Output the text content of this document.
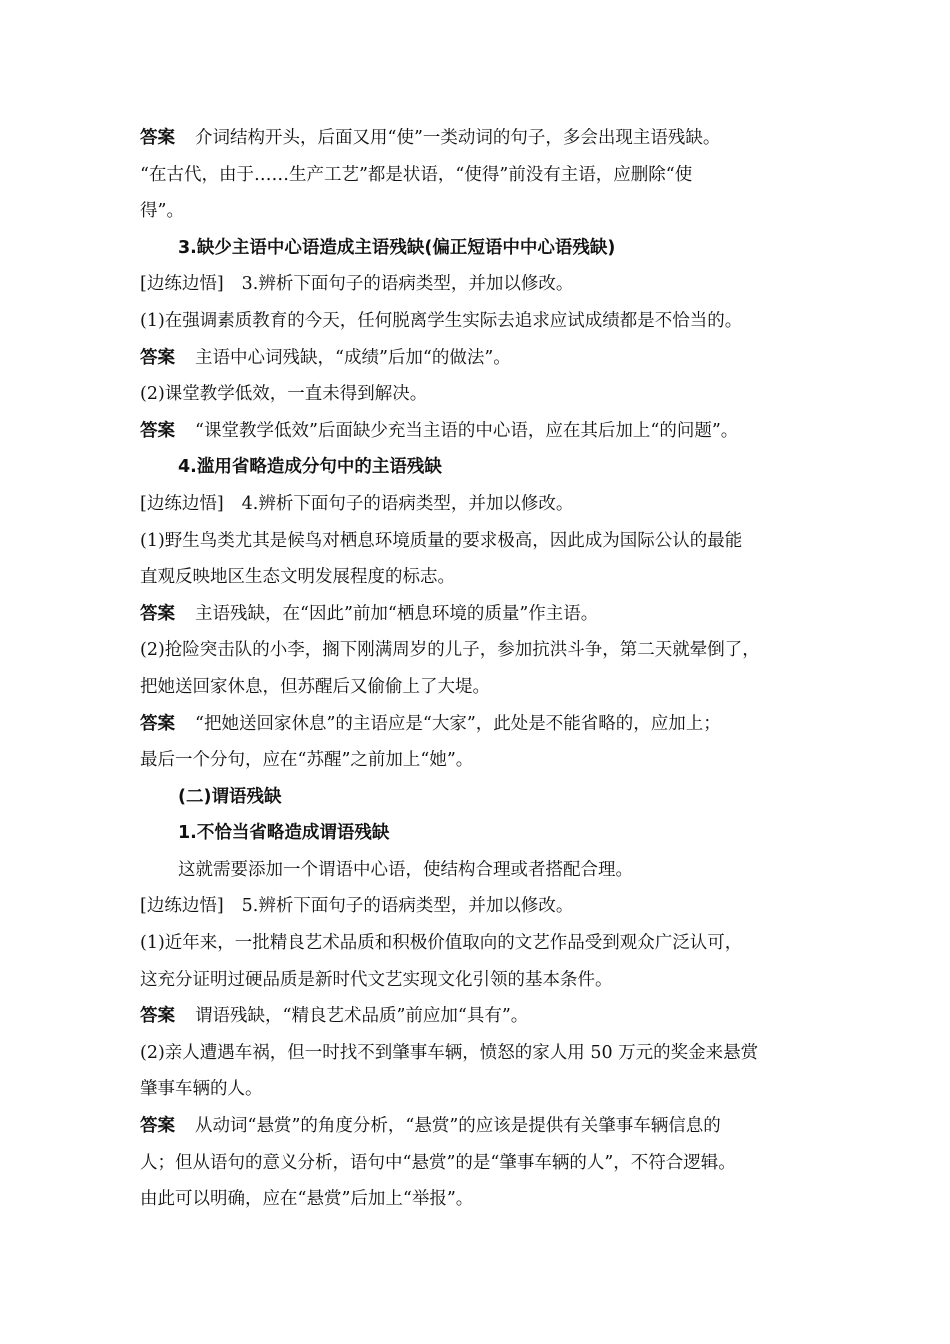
答案 介词结构开头，后面又用“使”一类动词的句子，多会出现主语残缺。
“在古代，由于……生产工艺”都是状语，“使得”前没有主语，应删除“使
得”。
3.缺少主语中心语造成主语残缺(偏正短语中中心语残缺)
[边练边悟] 3.辨析下面句子的语病类型，并加以修改。
(1)在强调素质教育的今天，任何脱离学生实际去追求应试成绩都是不恰当的。
答案 主语中心词残缺，“成绩”后加“的做法”。
(2)课堂教学低效，一直未得到解决。
答案 “课堂教学低效”后面缺少充当主语的中心语，应在其后加上“的问题”。
4.滥用省略造成分句中的主语残缺
[边练边悟] 4.辨析下面句子的语病类型，并加以修改。
(1)野生鸟类尤其是候鸟对栖息环境质量的要求极高，因此成为国际公认的最能
直观反映地区生态文明发展程度的标志。
答案 主语残缺，在“因此”前加“栖息环境的质量”作主语。
(2)抢险突击队的小李，搁下刚满周岁的儿子，参加抗洪斗争，第二天就晕倒了，
把她送回家休息，但苏醒后又偷偷上了大堤。
答案 “把她送回家休息”的主语应是“大家”，此处是不能省略的，应加上；
最后一个分句，应在“苏醒”之前加上“她”。
(二)谓语残缺
1.不恰当省略造成谓语残缺
这就需要添加一个谓语中心语，使结构合理或者搭配合理。
[边练边悟] 5.辨析下面句子的语病类型，并加以修改。
(1)近年来，一批精良艺术品质和积极价值取向的文艺作品受到观众广泛认可，
这充分证明过硬品质是新时代文艺实现文化引领的基本条件。
答案 谓语残缺，“精良艺术品质”前应加“具有”。
(2)亲人遭遇车祸，但一时找不到肇事车辆，愤怒的家人用 50 万元的奖金来悬赏
肇事车辆的人。
答案 从动词“悬赏”的角度分析，“悬赏”的应该是提供有关肇事车辆信息的
人；但从语句的意义分析，语句中“悬赏”的是“肇事车辆的人”，不符合逻辑。
由此可以明确，应在“悬赏”后加上“举报”。
